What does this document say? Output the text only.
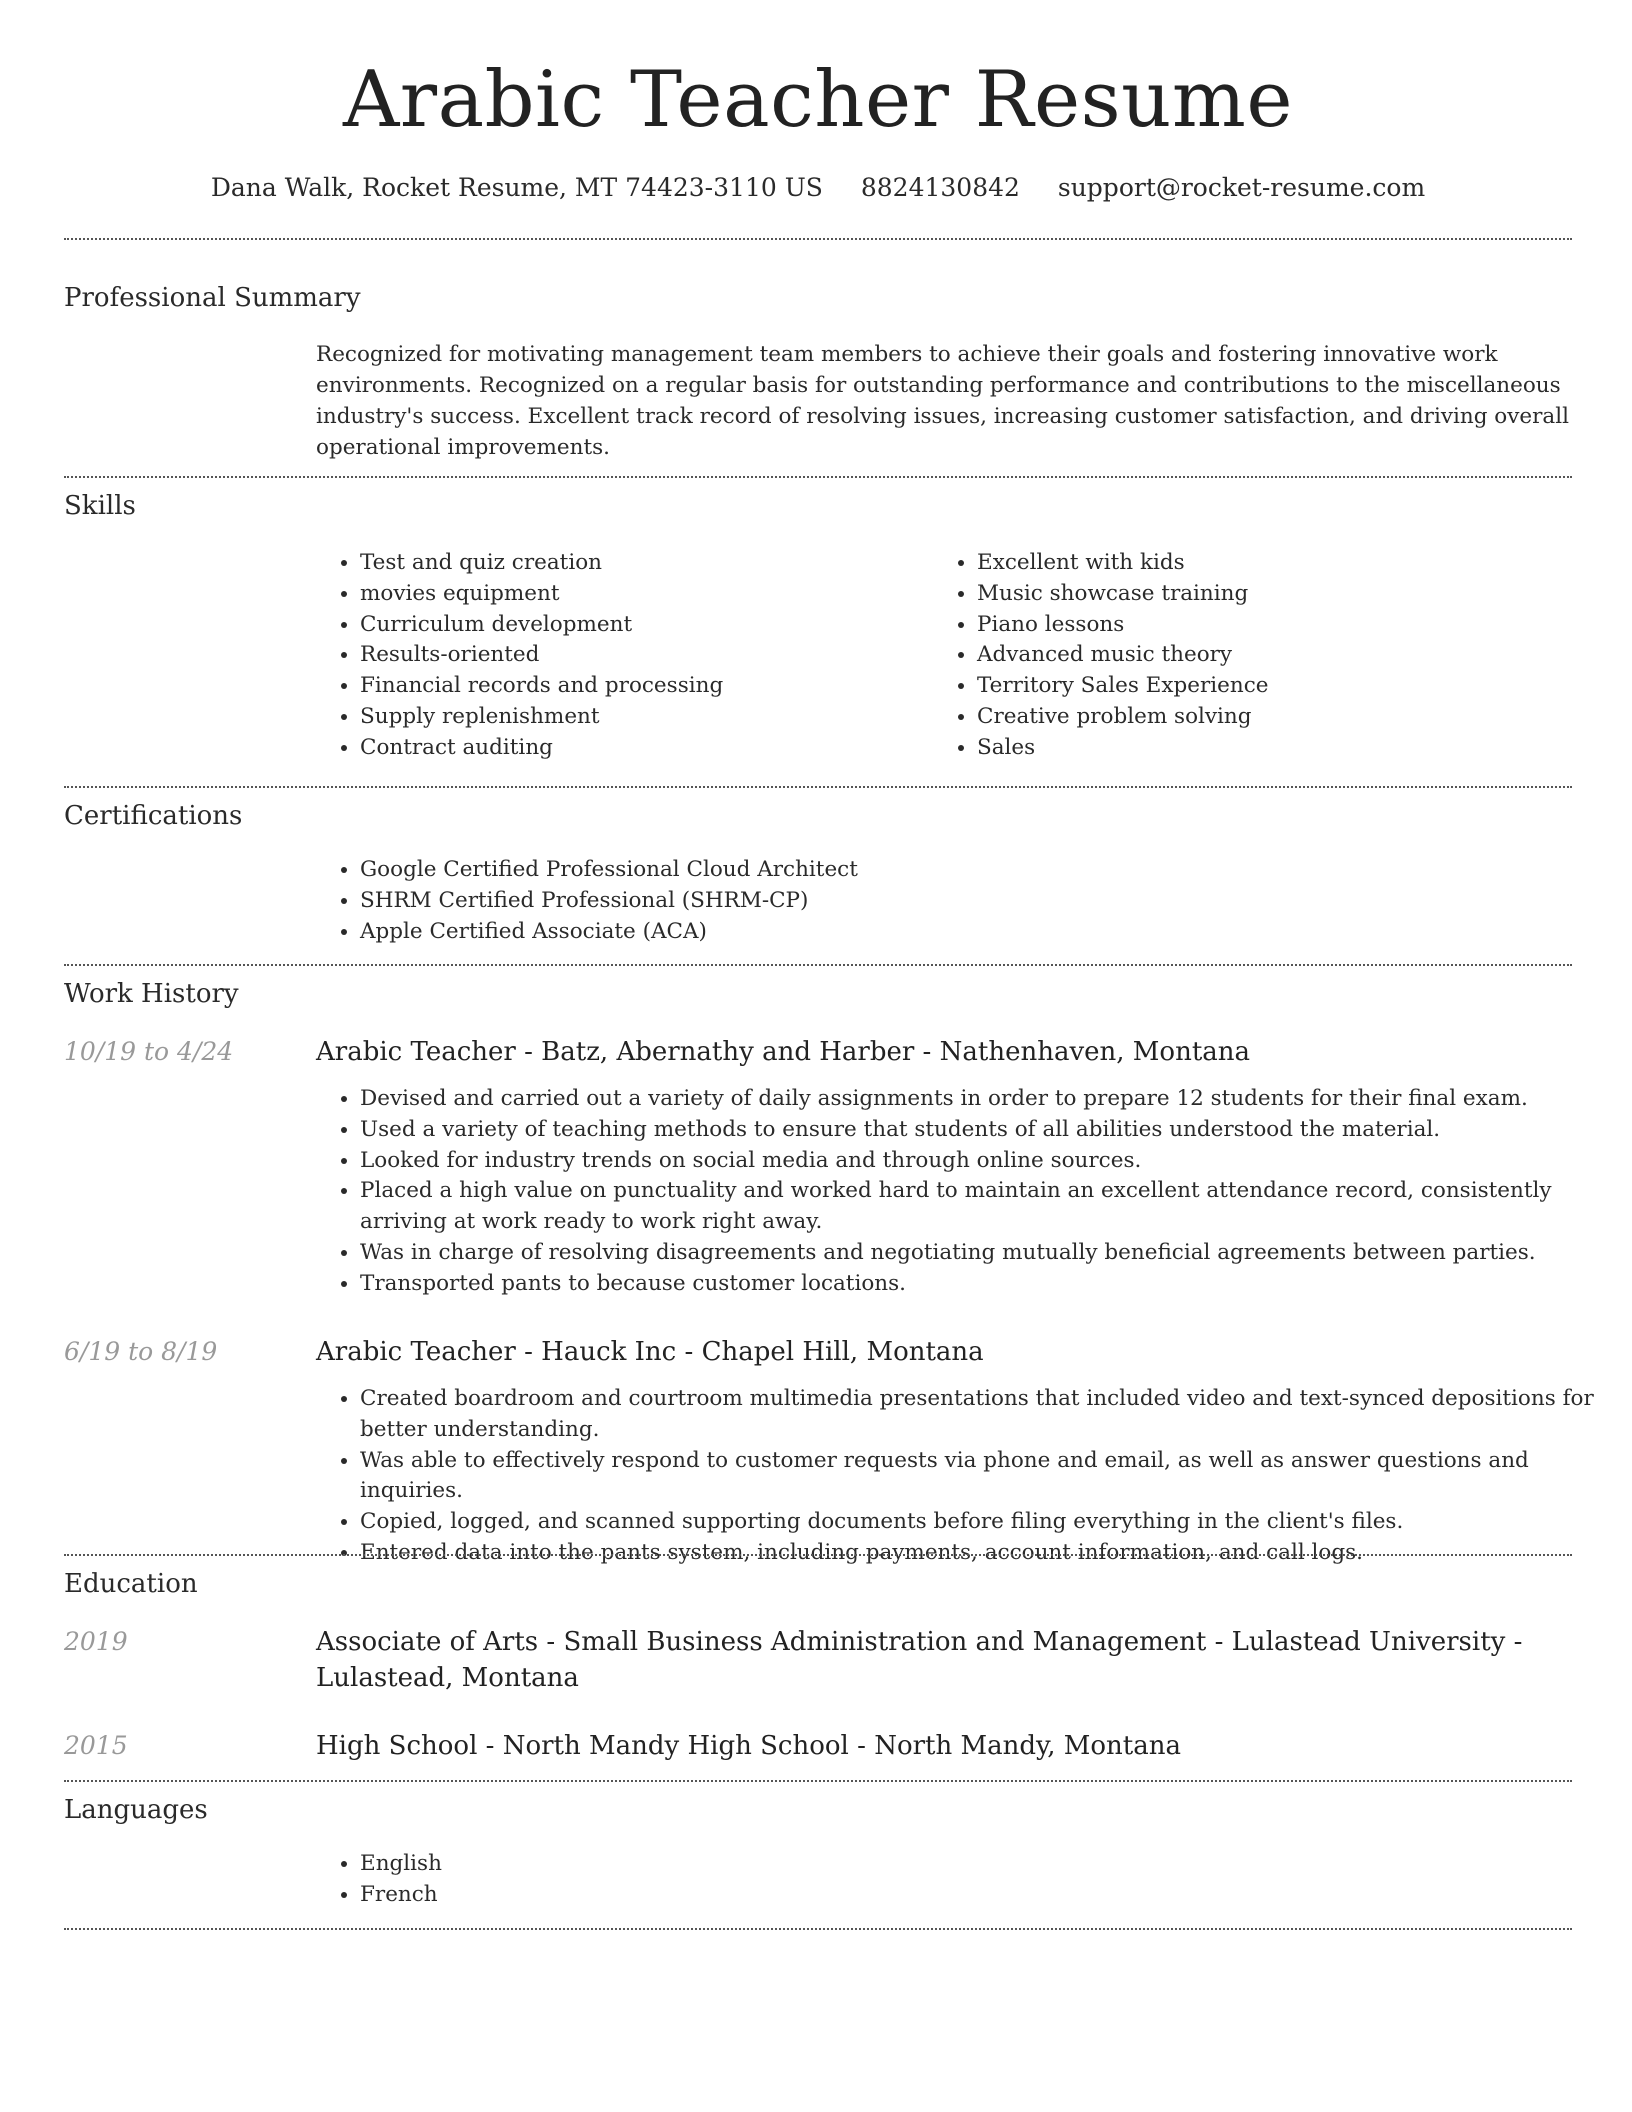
Arabic Teacher Resume
Dana Walk, Rocket Resume, MT 74423-3110 US 8824130842 support@rocket-resume.com
Professional Summary
Recognized for motivating management team members to achieve their goals and fostering innovative work environments. Recognized on a regular basis for outstanding performance and contributions to the miscellaneous industry's success. Excellent track record of resolving issues, increasing customer satisfaction, and driving overall operational improvements.
Skills
• Test and quiz creation
• movies equipment
• Curriculum development
• Results-oriented
• Financial records and processing
• Supply replenishment
• Contract auditing
• Excellent with kids
• Music showcase training
• Piano lessons
• Advanced music theory
• Territory Sales Experience
• Creative problem solving
• Sales
Certifications
• Google Certified Professional Cloud Architect
• SHRM Certified Professional (SHRM-CP)
• Apple Certified Associate (ACA)
Work History
10/19 to 4/24	Arabic Teacher - Batz, Abernathy and Harber - Nathenhaven, Montana
• Devised and carried out a variety of daily assignments in order to prepare 12 students for their final exam.
• Used a variety of teaching methods to ensure that students of all abilities understood the material.
• Looked for industry trends on social media and through online sources.
• Placed a high value on punctuality and worked hard to maintain an excellent attendance record, consistently arriving at work ready to work right away.
• Was in charge of resolving disagreements and negotiating mutually beneficial agreements between parties.
• Transported pants to because customer locations.
6/19 to 8/19	Arabic Teacher - Hauck Inc - Chapel Hill, Montana
• Created boardroom and courtroom multimedia presentations that included video and text-synced depositions for better understanding.
• Was able to effectively respond to customer requests via phone and email, as well as answer questions and inquiries.
• Copied, logged, and scanned supporting documents before filing everything in the client's files.
• Entered data into the pants system, including payments, account information, and call logs.
Education
2019	Associate of Arts - Small Business Administration and Management - Lulastead University - Lulastead, Montana
2015	High School - North Mandy High School - North Mandy, Montana
Languages
• English
• French
